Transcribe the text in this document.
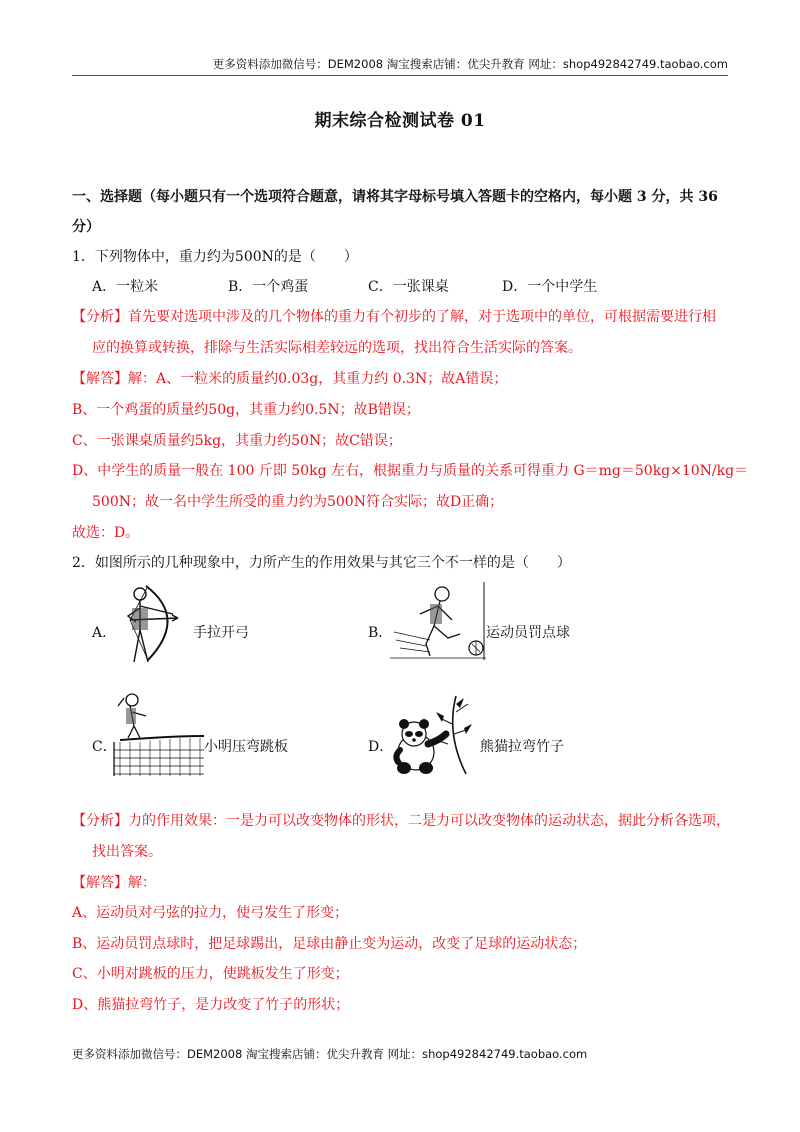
更多资料添加微信号：DEM2008 淘宝搜索店铺：优尖升教育 网址：shop492842749.taobao.com
期末综合检测试卷 01
一、选择题（每小题只有一个选项符合题意，请将其字母标号填入答题卡的空格内，每小题 3 分，共 36
分）
1．下列物体中，重力约为500N的是（　　）
A．一粒米	B．一个鸡蛋	C．一张课桌	D．一个中学生
【分析】首先要对选项中涉及的几个物体的重力有个初步的了解，对于选项中的单位，可根据需要进行相
应的换算或转换，排除与生活实际相差较远的选项，找出符合生活实际的答案。
【解答】解：A、一粒米的质量约0.03g，其重力约 0.3N；故A错误；
B、一个鸡蛋的质量约50g，其重力约0.5N；故B错误；
C、一张课桌质量约5kg，其重力约50N；故C错误；
D、中学生的质量一般在 100 斤即 50kg 左右，根据重力与质量的关系可得重力 G＝mg＝50kg×10N/kg＝
500N；故一名中学生所受的重力约为500N符合实际；故D正确；
故选：D。
2．如图所示的几种现象中，力所产生的作用效果与其它三个不一样的是（　　）
A．	手拉开弓	B．	运动员罚点球
C．	小明压弯跳板	D．	熊猫拉弯竹子
【分析】力的作用效果：一是力可以改变物体的形状，二是力可以改变物体的运动状态，据此分析各选项，
找出答案。
【解答】解：
A、运动员对弓弦的拉力，使弓发生了形变；
B、运动员罚点球时，把足球踢出，足球由静止变为运动，改变了足球的运动状态；
C、小明对跳板的压力，使跳板发生了形变；
D、熊猫拉弯竹子，是力改变了竹子的形状；
更多资料添加微信号：DEM2008 淘宝搜索店铺：优尖升教育 网址：shop492842749.taobao.com
